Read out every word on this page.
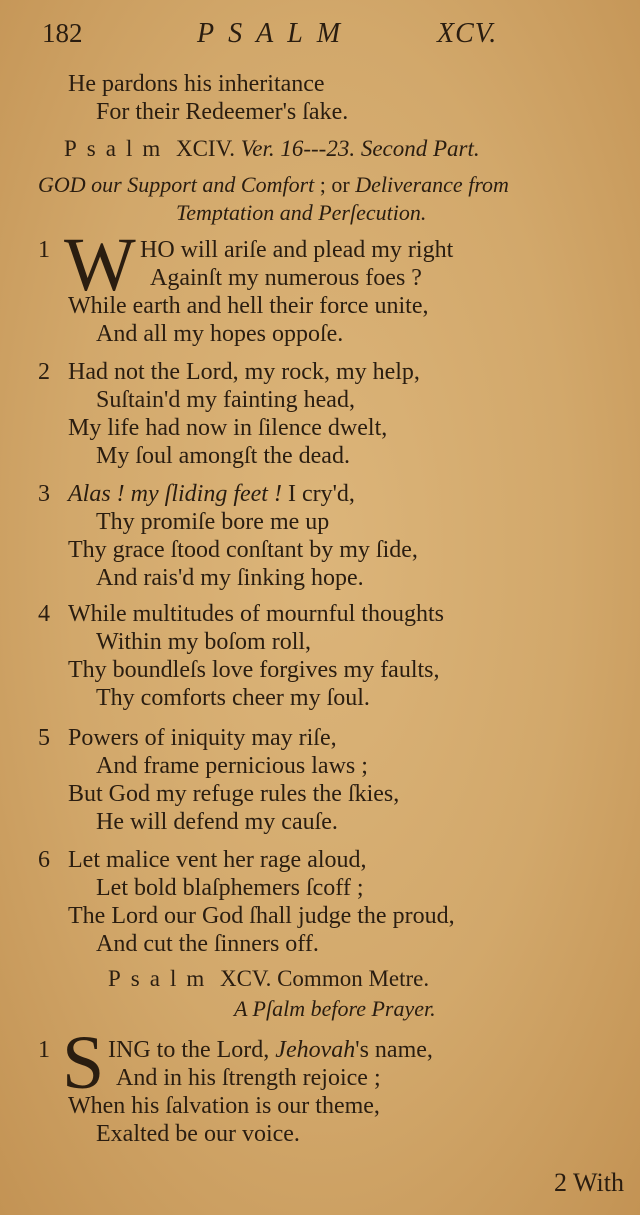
182	PSALM	XCV.
He pardons his inheritance
For their Redeemer's ſake.
Psalm XCIV. Ver. 16---23. Second Part.
GOD our Support and Comfort ; or Deliverance from
Temptation and Perſecution.
1 W HO will ariſe and plead my right
Againſt my numerous foes ?
While earth and hell their force unite,
And all my hopes oppoſe.
2 Had not the Lord, my rock, my help,
Suſtain'd my fainting head,
My life had now in ſilence dwelt,
My ſoul amongſt the dead.
3 Alas ! my ſliding feet ! I cry'd,
Thy promiſe bore me up
Thy grace ſtood conſtant by my ſide,
And rais'd my ſinking hope.
4 While multitudes of mournful thoughts
Within my boſom roll,
Thy boundleſs love forgives my faults,
Thy comforts cheer my ſoul.
5 Powers of iniquity may riſe,
And frame pernicious laws ;
But God my refuge rules the ſkies,
He will defend my cauſe.
6 Let malice vent her rage aloud,
Let bold blaſphemers ſcoff ;
The Lord our God ſhall judge the proud,
And cut the ſinners off.
Psalm XCV. Common Metre.
A Pſalm before Prayer.
1 S ING to the Lord, Jehovah's name,
And in his ſtrength rejoice ;
When his ſalvation is our theme,
Exalted be our voice.
2 With
